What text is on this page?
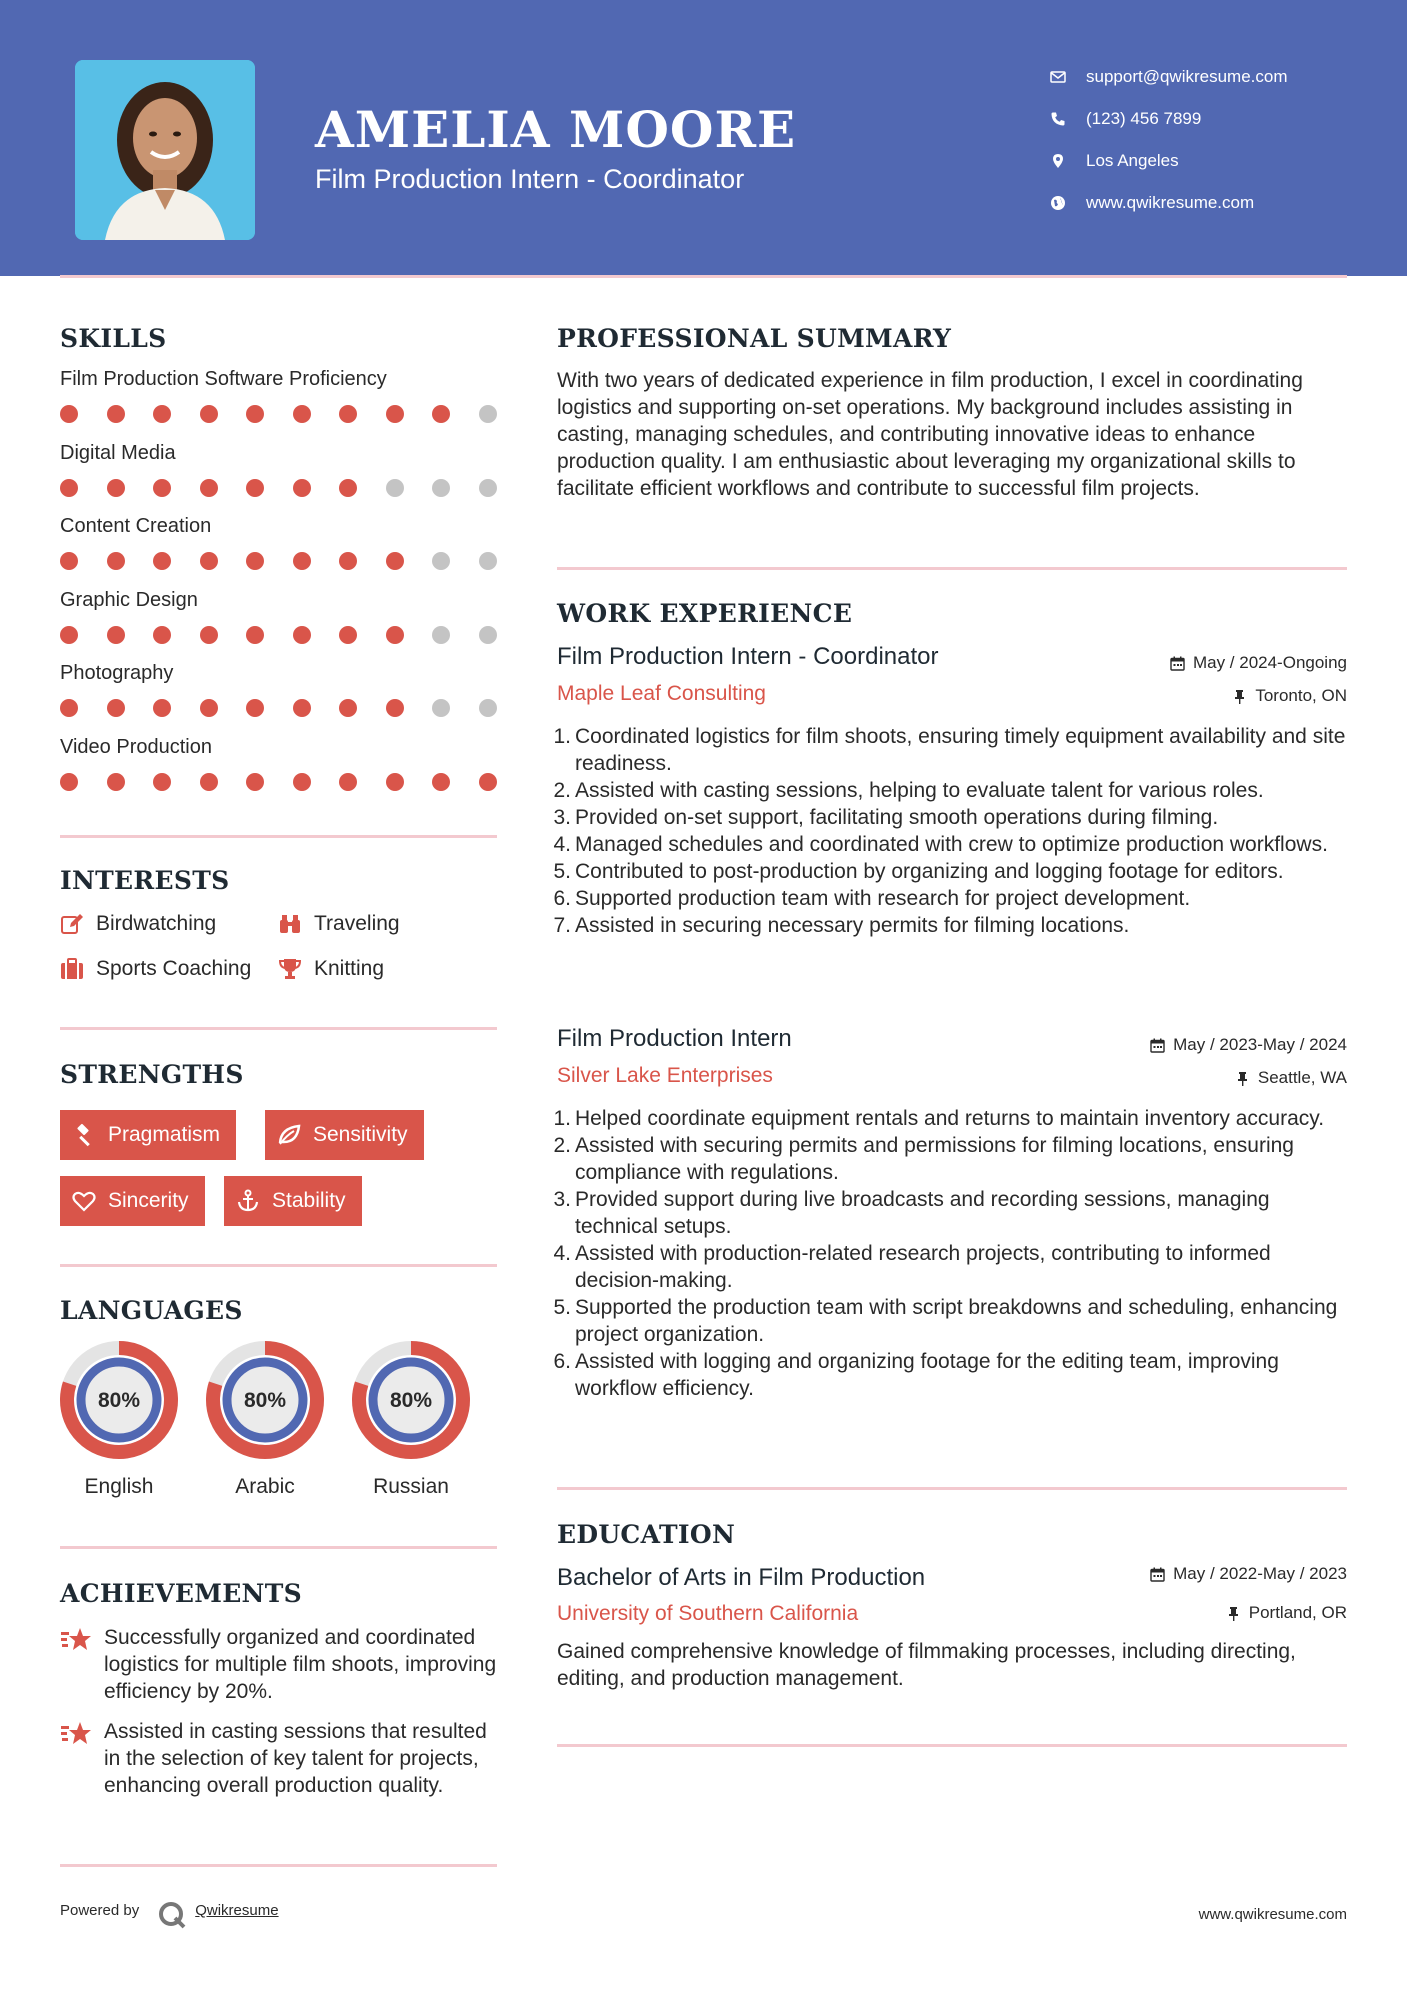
AMELIA MOORE
Film Production Intern - Coordinator
support@qwikresume.com
(123) 456 7899
Los Angeles
www.qwikresume.com
SKILLS
Film Production Software Proficiency
Digital Media
Content Creation
Graphic Design
Photography
Video Production
INTERESTS
Birdwatching	Traveling
Sports Coaching	Knitting
STRENGTHS
Pragmatism	Sensitivity
Sincerity	Stability
LANGUAGES
80%
English
80%
Arabic
80%
Russian
ACHIEVEMENTS
Successfully organized and coordinated logistics for multiple film shoots, improving efficiency by 20%.
Assisted in casting sessions that resulted in the selection of key talent for projects, enhancing overall production quality.
PROFESSIONAL SUMMARY
With two years of dedicated experience in film production, I excel in coordinating logistics and supporting on-set operations. My background includes assisting in casting, managing schedules, and contributing innovative ideas to enhance production quality. I am enthusiastic about leveraging my organizational skills to facilitate efficient workflows and contribute to successful film projects.
WORK EXPERIENCE
Film Production Intern - Coordinator	May / 2024-Ongoing
Maple Leaf Consulting	Toronto, ON
1. Coordinated logistics for film shoots, ensuring timely equipment availability and site readiness.
2. Assisted with casting sessions, helping to evaluate talent for various roles.
3. Provided on-set support, facilitating smooth operations during filming.
4. Managed schedules and coordinated with crew to optimize production workflows.
5. Contributed to post-production by organizing and logging footage for editors.
6. Supported production team with research for project development.
7. Assisted in securing necessary permits for filming locations.
Film Production Intern	May / 2023-May / 2024
Silver Lake Enterprises	Seattle, WA
1. Helped coordinate equipment rentals and returns to maintain inventory accuracy.
2. Assisted with securing permits and permissions for filming locations, ensuring compliance with regulations.
3. Provided support during live broadcasts and recording sessions, managing technical setups.
4. Assisted with production-related research projects, contributing to informed decision-making.
5. Supported the production team with script breakdowns and scheduling, enhancing project organization.
6. Assisted with logging and organizing footage for the editing team, improving workflow efficiency.
EDUCATION
Bachelor of Arts in Film Production	May / 2022-May / 2023
University of Southern California	Portland, OR
Gained comprehensive knowledge of filmmaking processes, including directing, editing, and production management.
Powered by	Qwikresume	www.qwikresume.com
